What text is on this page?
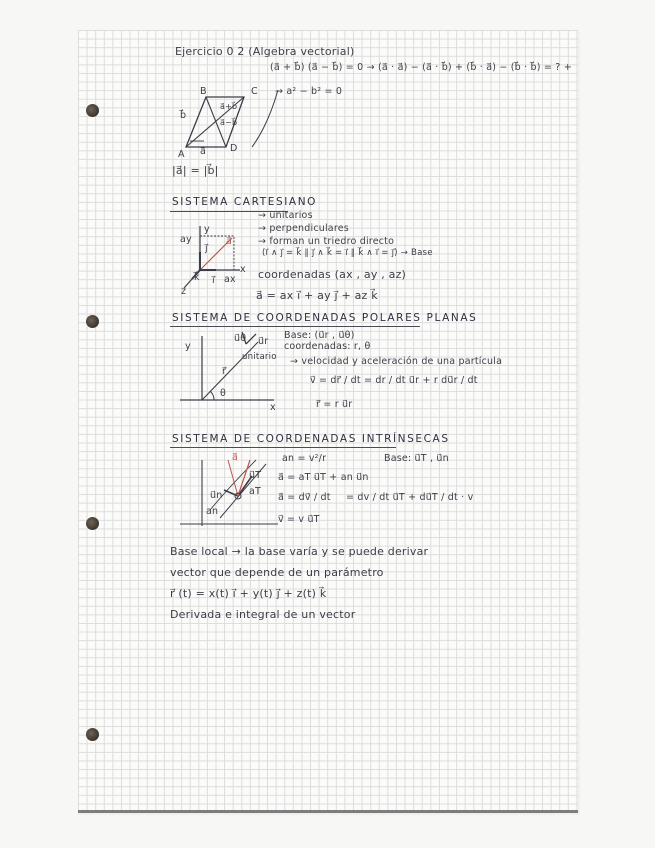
Ejercicio 0 2 (Algebra vectorial)
(a⃗ + b⃗) (a⃗ − b⃗) = 0 → (a⃗ · a⃗) − (a⃗ · b⃗) + (b⃗ · a⃗) − (b⃗ · b⃗) = ? +
→ a² − b² = 0
B	C
A
D
b⃗
a⃗
a⃗+b⃗
a⃗−b⃗
|a⃗| = |b⃗|
SISTEMA CARTESIANO
ay
y
x
z
j⃗
i⃗
k⃗	ax
a⃗
→ unitarios
→ perpendiculares
→ forman un triedro directo
(i⃗ ∧ j⃗ = k⃗ ∥ j⃗ ∧ k⃗ = i⃗ ∥ k⃗ ∧ i⃗ = j⃗) → Base
coordenadas (ax , ay , az)
a⃗ = ax i⃗ + ay j⃗ + az k⃗
SISTEMA DE COORDENADAS POLARES PLANAS
y
x
u⃗θ u⃗r
unitario
r⃗
θ
Base: (u⃗r , u⃗θ)
coordenadas: r, θ
→ velocidad y aceleración de una partícula
v⃗ = dr⃗ / dt = dr / dt u⃗r + r du⃗r / dt
r⃗ = r u⃗r
SISTEMA DE COORDENADAS INTRÍNSECAS
a⃗
u⃗T
aT
u⃗n
an
an = v²/r	Base: u⃗T , u⃗n
a⃗ = aT u⃗T + an u⃗n
a⃗ = dv⃗ / dt = dv / dt u⃗T + du⃗T / dt · v
v⃗ = v u⃗T
Base local → la base varía y se puede derivar
vector que depende de un parámetro
r⃗ (t) = x(t) i⃗ + y(t) j⃗ + z(t) k⃗
Derivada e integral de un vector
